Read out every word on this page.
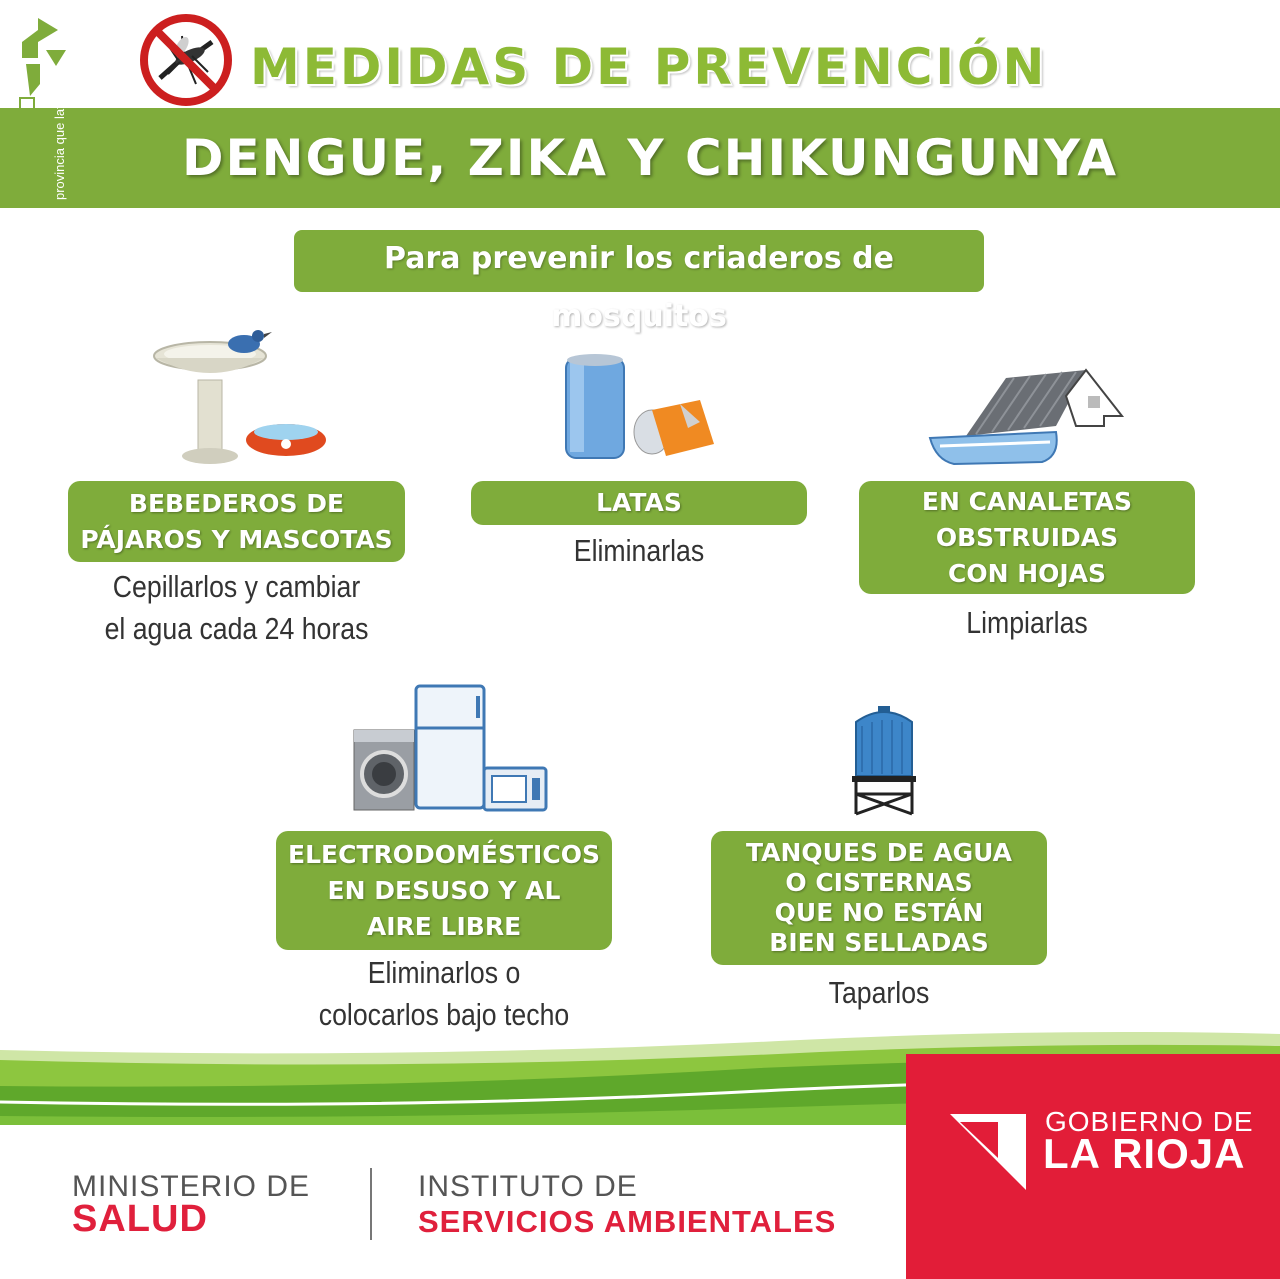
provincia que late
MEDIDAS DE PREVENCIÓN
DENGUE, ZIKA Y CHIKUNGUNYA
Para prevenir los criaderos de mosquitos
BEBEDEROS DE
PÁJAROS Y MASCOTAS
Cepillarlos y cambiar
el agua cada 24 horas
LATAS
Eliminarlas
EN CANALETAS
OBSTRUIDAS
CON HOJAS
Limpiarlas
ELECTRODOMÉSTICOS
EN DESUSO Y AL
AIRE LIBRE
Eliminarlos o
colocarlos bajo techo
TANQUES DE AGUA
O CISTERNAS
QUE NO ESTÁN
BIEN SELLADAS
Taparlos
MINISTERIO DE
SALUD
INSTITUTO DE
SERVICIOS AMBIENTALES
GOBIERNO DE
LA RIOJA
